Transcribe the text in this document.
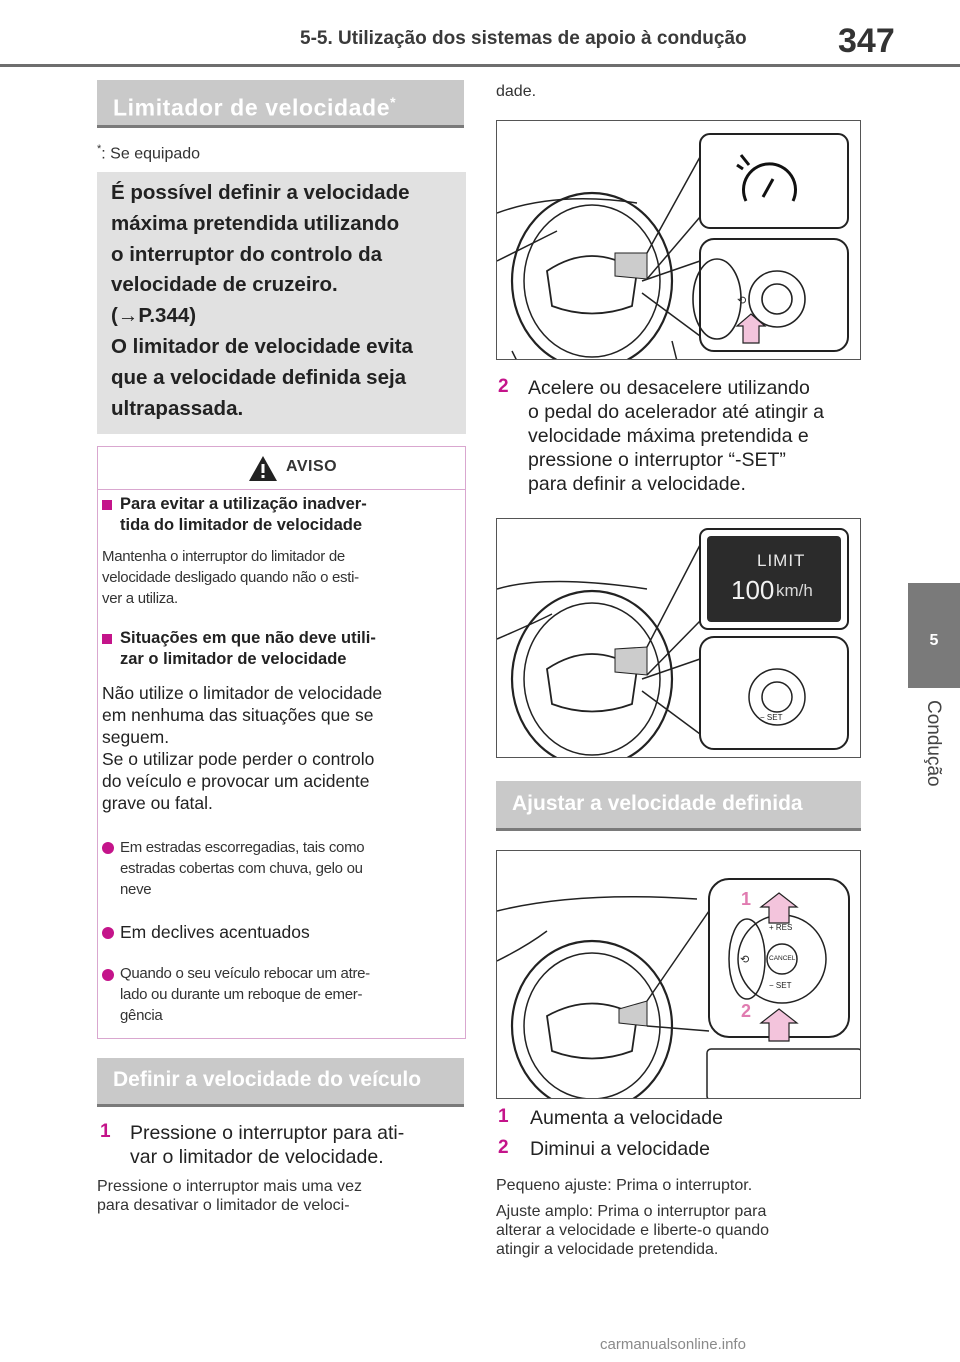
5-5. Utilização dos sistemas de apoio à condução	347
5
Condução
Limitador de velocidade*
*: Se equipado
É possível definir a velocidade
máxima pretendida utilizando
o interruptor do controlo da
velocidade de cruzeiro.
(→P.344)
O limitador de velocidade evita
que a velocidade definida seja
ultrapassada.
AVISO
Para evitar a utilização inadver-
tida do limitador de velocidade
Mantenha o interruptor do limitador de
velocidade desligado quando não o esti-
ver a utiliza.
Situações em que não deve utili-
zar o limitador de velocidade
Não utilize o limitador de velocidade
em nenhuma das situações que se
seguem.
Se o utilizar pode perder o controlo
do veículo e provocar um acidente
grave ou fatal.
Em estradas escorregadias, tais como
estradas cobertas com chuva, gelo ou
neve
Em declives acentuados
Quando o seu veículo rebocar um atre-
lado ou durante um reboque de emer-
gência
Definir a velocidade do veículo
1 Pressione o interruptor para ati-
var o limitador de velocidade.
Pressione o interruptor mais uma vez
para desativar o limitador de veloci-
dade.
⟲
2 Acelere ou desacelere utilizando
o pedal do acelerador até atingir a
velocidade máxima pretendida e
pressione o interruptor “-SET”
para definir a velocidade.
LIMIT
100 km/h
− SET
Ajustar a velocidade definida
⟲
+ RES
CANCEL
− SET
1
2
1 Aumenta a velocidade
2 Diminui a velocidade
Pequeno ajuste: Prima o interruptor.
Ajuste amplo: Prima o interruptor para
alterar a velocidade e liberte-o quando
atingir a velocidade pretendida.
carmanualsonline.info
